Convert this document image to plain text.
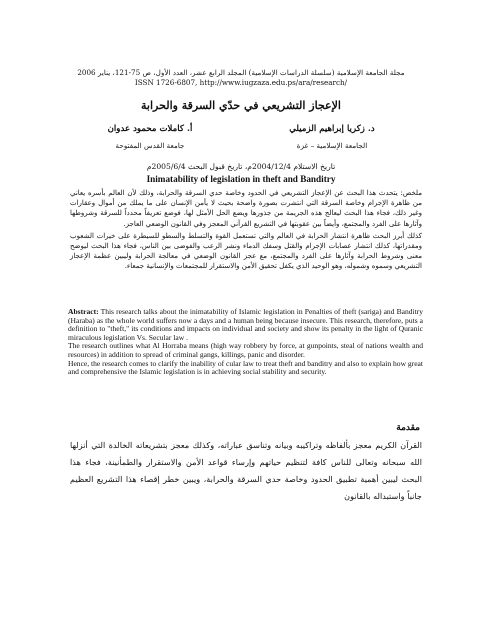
مجلة الجامعة الإسلامية (سلسلة الدراسات الإسلامية) المجلد الرابع عشر، العدد الأول، ص 75-121، يناير 2006
ISSN 1726-6807, http://www.iugzaza.edu.ps/ara/research/
الإعجاز التشريعي في حدّي السرقة والحرابة
د. زكريا إبراهيم الزميلي
الجامعة الإسلامية – غزة
أ. كاملات محمود عدوان
جامعة القدس المفتوحة
تاريخ الاستلام 2004/12/4م، تاريخ قبول البحث 2005/6/4م
Inimatability of legislation in theft and Banditry

ملخص: يتحدث هذا البحث عن الإعجاز التشريعي في الحدود وخاصة حدي السرقة والحرابة، وذلك لأن العالم بأسره يعاني من ظاهرة الإجرام وخاصة السرقة التي انتشرت بصورة واضحة بحيث لا يأمن الإنسان على ما يملك من أموال وعقارات وغير ذلك، فجاء هذا البحث ليعالج هذه الجريمة من جذورها ويضع الحل الأمثل لها، فوضع تعريفاً محدداً للسرقة وشروطها وآثارها على الفرد والمجتمع، وأيضاً بين عقوبتها في التشريع القرآني المعجز وفي القانون الوضعي العاجز.

كذلك أبرز البحث ظاهرة انتشار الحرابة في العالم والتي تستعمل القوة والتسلط والسطو للسيطرة على خيرات الشعوب ومقدراتها، كذلك انتشار عصابات الإجرام والقتل وسفك الدماء ونشر الرعب والفوضى بين الناس، فجاء هذا البحث ليوضح معنى وشروط الحرابة وآثارها على الفرد والمجتمع، مع عجز القانون الوضعي في معالجة الحرابة وليبين عظمة الإعجاز التشريعي وسموه وشموله، وهو الوحيد الذي يكفل تحقيق الأمن والاستقرار للمجتمعات والإنسانية جمعاء.

Abstract: This research talks about the inimatability of Islamic legislation in Penalties of theft (sariga) and Banditry (Haraba) as the whole world suffers now a days and a human being because insecure. This research, therefore, puts a definition to "theft," its conditions and impacts on individual and society and show its penalty in the light of Quranic miraculous legislation Vs. Secular law .

The research outlines what Al Horraba means (high way robbery by force, at gunpoints, steal of nations wealth and resources) in addition to spread of criminal gangs, killings, panic and disorder.

Hence, the research comes to clarify the inability of cular law to treat theft and banditry and also to explain how great and comprehensive the Islamic legislation is in achieving social stability and security.

مقدمة
القرآن الكريم معجز بألفاظه وتراكيبه وبيانه وتناسق عباراته، وكذلك معجز بتشريعاته الخالدة التي أنزلها الله سبحانه وتعالى للناس كافة لتنظيم حياتهم وإرساء قواعد الأمن والاستقرار والطمأنينة، فجاء هذا البحث ليبين أهمية تطبيق الحدود وخاصة حدي السرقة والحرابة، ويبين خطر إقصاء هذا التشريع العظيم جانباً واستبداله بالقانون
